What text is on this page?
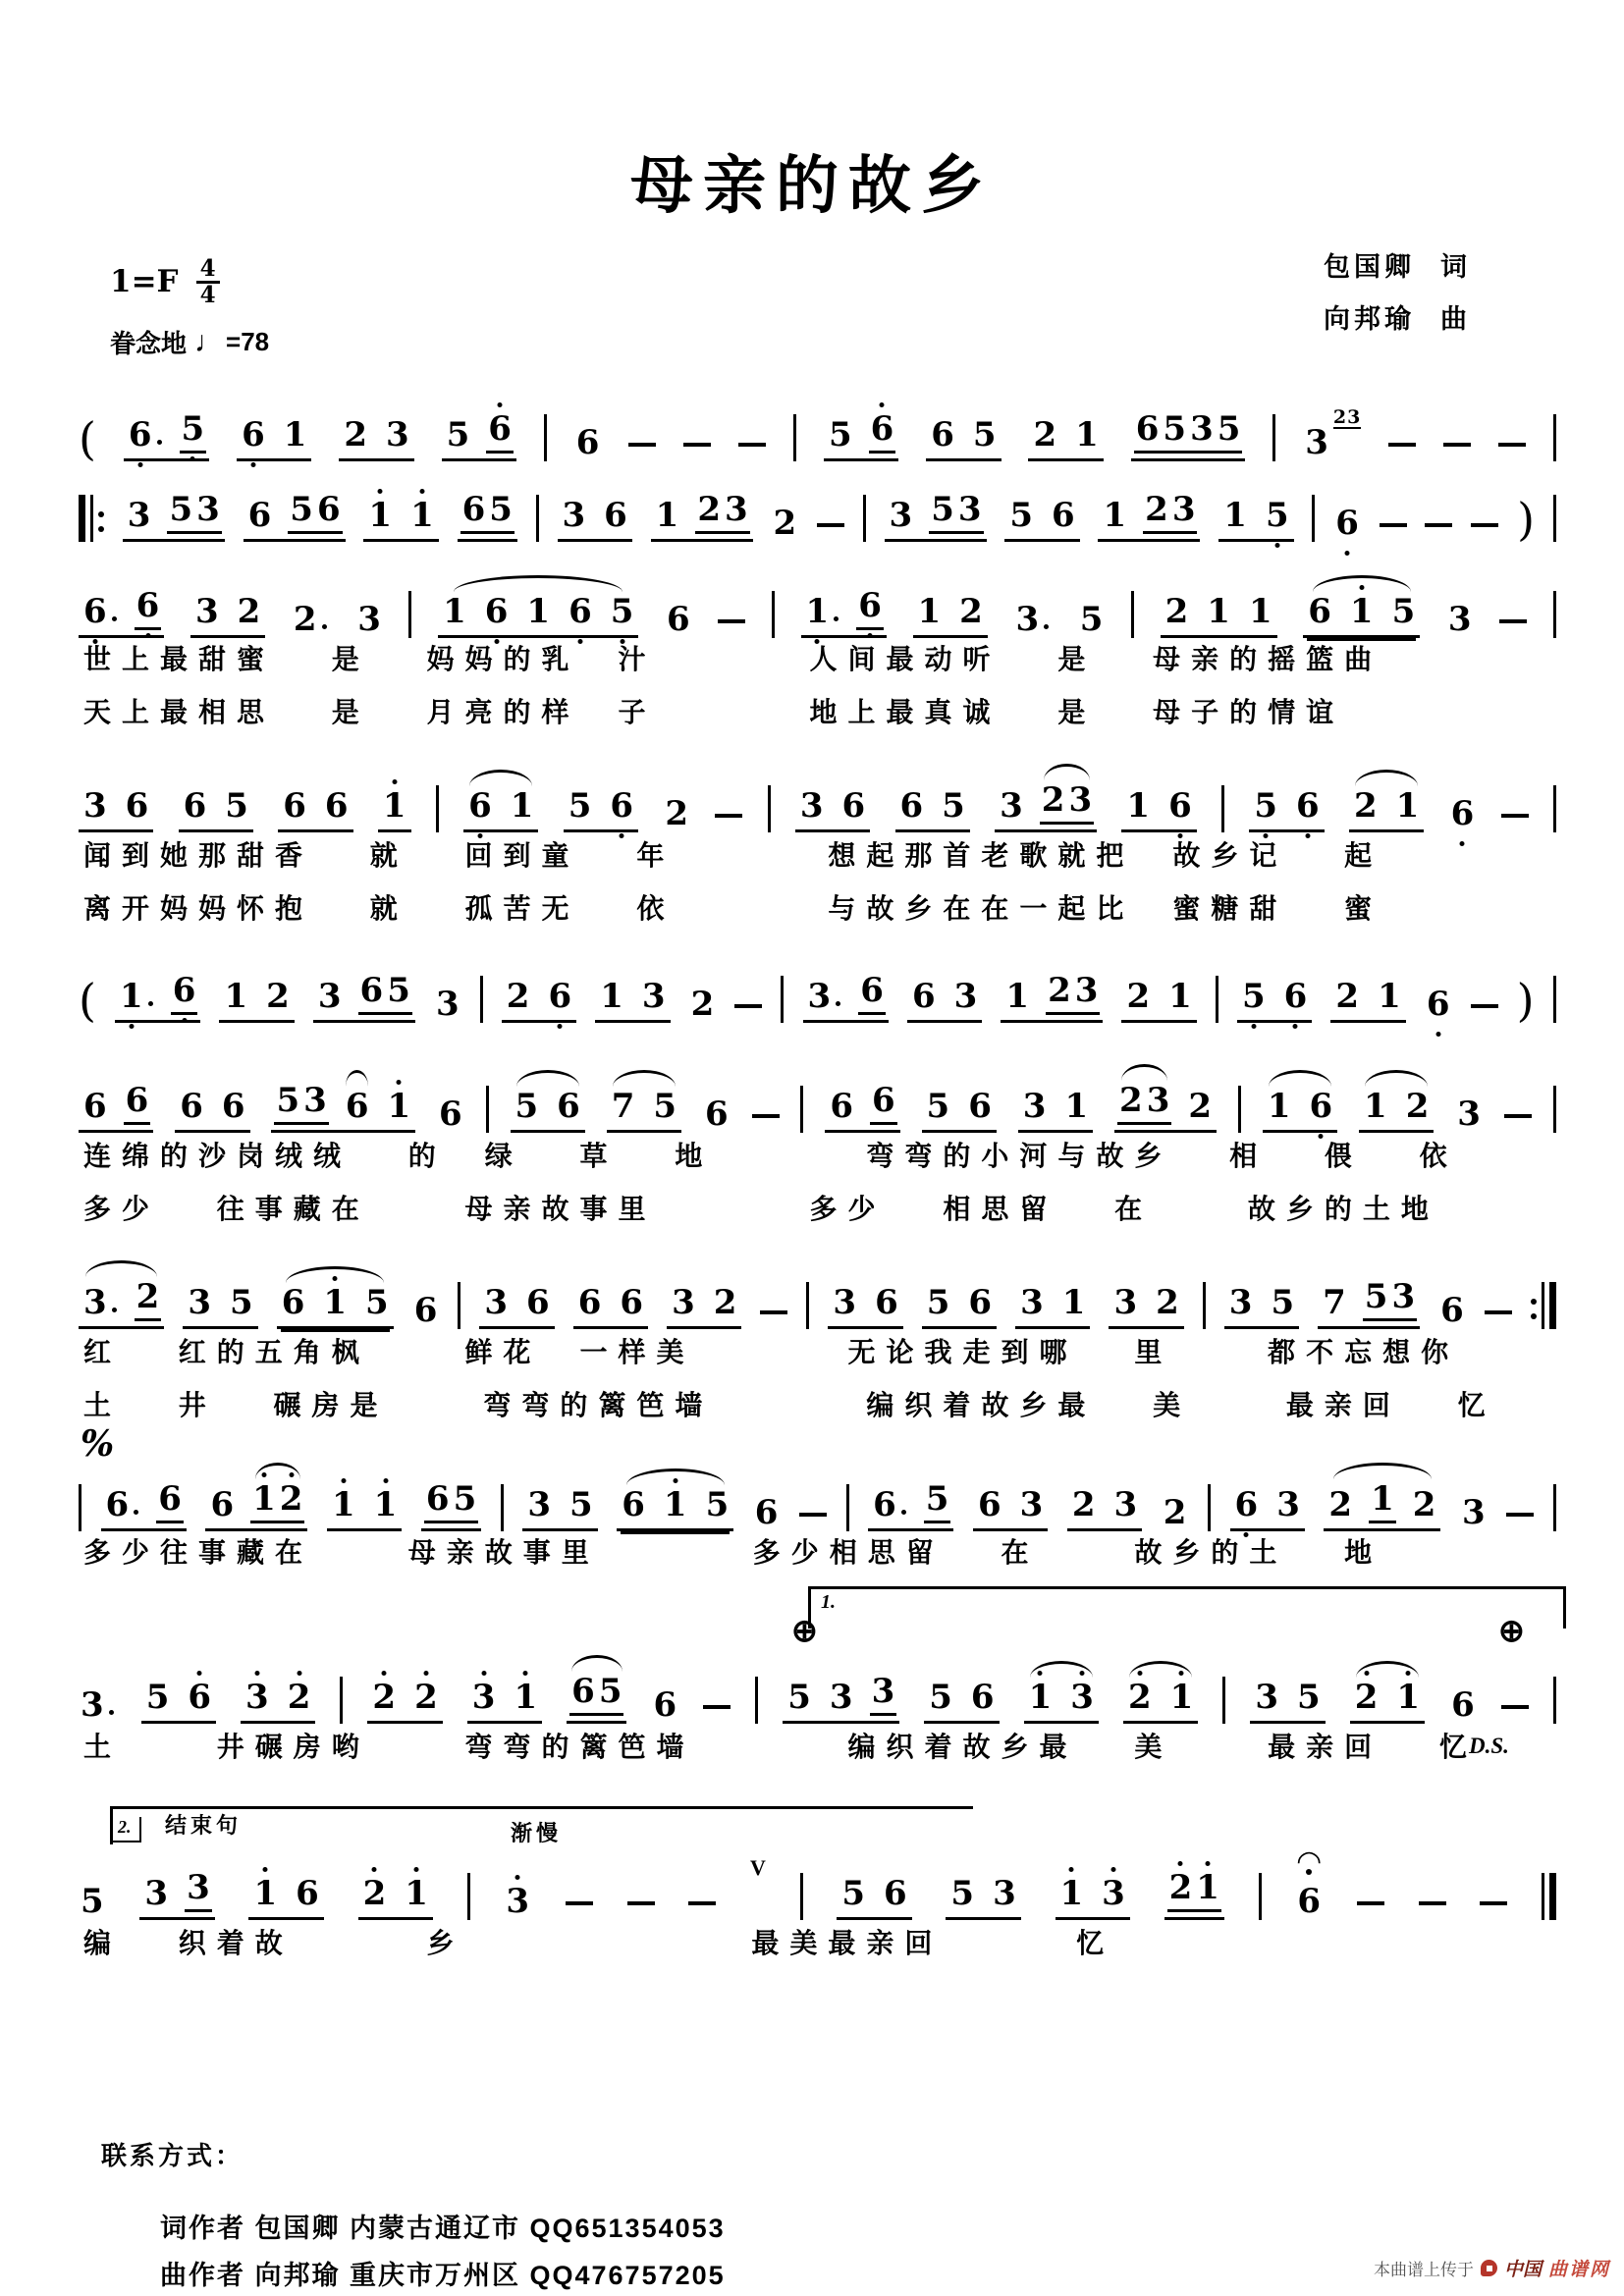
母亲的故乡
$1=F \frac{4}{4}$
眷念地 ♩ =78
包国卿 词
向邦瑜 曲
( 6 5 6 1 2 3 5 6 6	5 6 6 5 2 1 6 5 3 5 3
23
3 5 3 6 5 6 1 1 6 5 3 6 1 2 3 2	3 5 3 5 6 1 2 3 1 5 6	)
6 6 3 2 2 3 1 6 1 6 5 6	1 6 1 2 3 5 2 1 1 6 1 5 3
世上最甜蜜　 是　 妈妈的乳　汁　　　　人间最动听　 是　 母亲的摇篮曲
天上最相思　 是　 月亮的样　子　　　　地上最真诚　 是　 母子的情谊
3 6 6 5 6 6 1 6 1 5 6 2	3 6 6 5 3 2 3 1 6 5 6 2 1 6
闻到她那甜香　 就　 回到童　 年　　　　想起那首老歌就把　故乡记　 起
离开妈妈怀抱　 就　 孤苦无　 依　　　　与故乡在在一起比　蜜糖甜　 蜜
( 1 6 1 2 3 6 5 3 2 6 1 3 2	3 6 6 3 1 2 3 2 1 5 6 2 1 6 )
6 6 6 6 5 3 6 1 6 5 6 7 5 6	6 6 5 6 3 1 2 3 2 1 6 1 2 3
连绵的沙岗绒绒　 的　绿　 草　 地　　　　弯弯的小河与故乡　 相　 偎　 依
多少　 往事藏在　　 母亲故事里　　　　多少　 相思留　 在　　 故乡的土地
3 2 3 5 6 1 5 6 3 6 6 6 3 2	3 6 5 6 3 1 3 2 3 5 7 5 3 6
红　 红的五角枫　　 鲜花　一样美　　　　无论我走到哪　 里　　 都不忘想你
土　 井　 碾房是　　 弯弯的篱笆墙　　　　编织着故乡最　 美　　 最亲回　 忆
%
6 6 6 1 2 1 1 6 5 3 5 6 1 5 6	6 5 6 3 2 3 2 6 3 2 1 2 3
多少往事藏在　　 母亲故事里　　　　多少相思留　 在　　 故乡的土　 地
1.
⊕	⊕
3 5 6 3 2 2 2 3 1 6 5 6	5 3 3 5 6 1 3 2 1 3 5 2 1 6
土　　 井碾房哟　　 弯弯的篱笆墙　　　　编织着故乡最　 美　　 最亲回　 忆
D.S.
2. 结束句	渐慢
5 3 3 1 6 2 1 3
V
5 6 5 3 1 3 2 1 ◠ 6
编　 织着故　　　 乡　　　　　　　 最美最亲回　　　 忆
联系方式：
词作者 包国卿 内蒙古通辽市 QQ651354053
曲作者 向邦瑜 重庆市万州区 QQ476757205	本曲谱上传于 中国 曲谱网
